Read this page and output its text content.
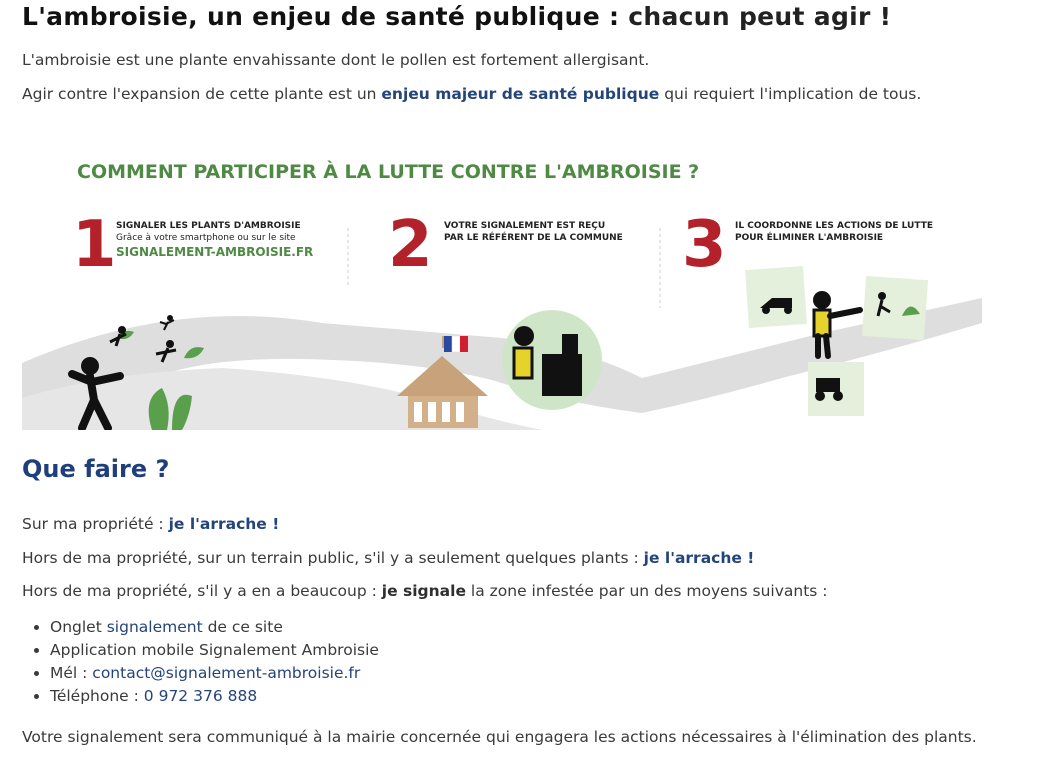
L'ambroisie, un enjeu de santé publique : chacun peut agir !

L'ambroisie est une plante envahissante dont le pollen est fortement allergisant.

Agir contre l'expansion de cette plante est un enjeu majeur de santé publique qui requiert l'implication de tous.

COMMENT PARTICIPER À LA LUTTE CONTRE L'AMBROISIE ?
1 SIGNALER LES PLANTS D'AMBROISIE
Grâce à votre smartphone ou sur le site
SIGNALEMENT-AMBROISIE.FR 2 VOTRE SIGNALEMENT EST REÇU
PAR LE RÉFÉRENT DE LA COMMUNE 3 IL COORDONNE LES ACTIONS DE LUTTE
POUR ÉLIMINER L'AMBROISIE
Que faire ?

Sur ma propriété : je l'arrache !

Hors de ma propriété, sur un terrain public, s'il y a seulement quelques plants : je l'arrache !

Hors de ma propriété, s'il y a en a beaucoup : je signale la zone infestée par un des moyens suivants :

• Onglet signalement de ce site
• Application mobile Signalement Ambroisie
• Mél : contact@signalement-ambroisie.fr
• Téléphone : 0 972 376 888

Votre signalement sera communiqué à la mairie concernée qui engagera les actions nécessaires à l'élimination des plants.
